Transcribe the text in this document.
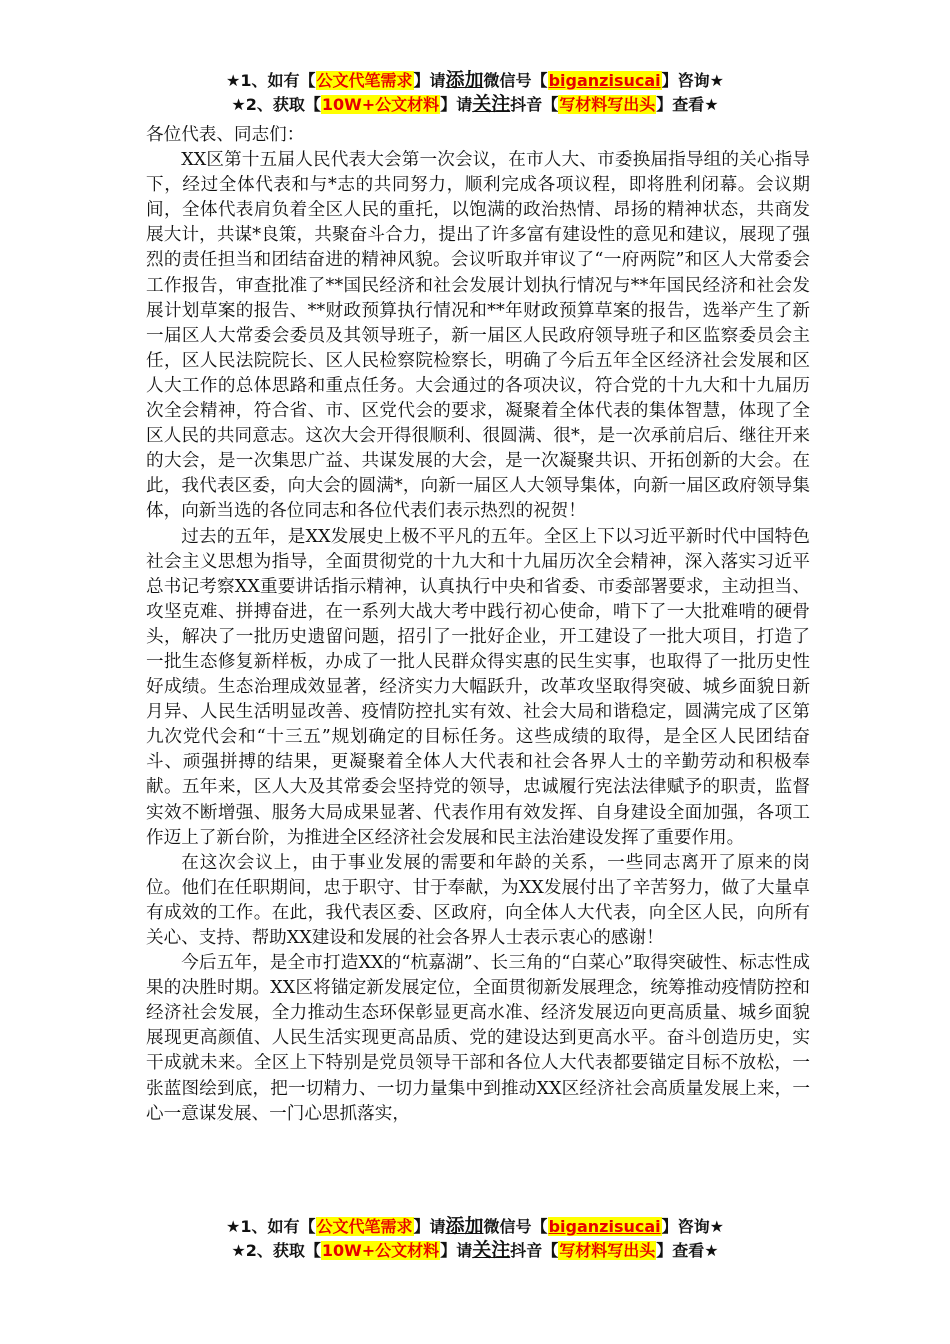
★1、如有【公文代笔需求】请添加微信号【biganzisucai】咨询★
★2、获取【10W+公文材料】请关注抖音【写材料写出头】查看★

各位代表、同志们：

XX区第十五届人民代表大会第一次会议，在市人大、市委换届指导组的关心指导下，经过全体代表和与*志的共同努力，顺利完成各项议程，即将胜利闭幕。会议期间，全体代表肩负着全区人民的重托，以饱满的政治热情、昂扬的精神状态，共商发展大计，共谋*良策，共聚奋斗合力，提出了许多富有建设性的意见和建议，展现了强烈的责任担当和团结奋进的精神风貌。会议听取并审议了“一府两院”和区人大常委会工作报告，审查批准了**国民经济和社会发展计划执行情况与**年国民经济和社会发展计划草案的报告、**财政预算执行情况和**年财政预算草案的报告，选举产生了新一届区人大常委会委员及其领导班子，新一届区人民政府领导班子和区监察委员会主任，区人民法院院长、区人民检察院检察长，明确了今后五年全区经济社会发展和区人大工作的总体思路和重点任务。大会通过的各项决议，符合党的十九大和十九届历次全会精神，符合省、市、区党代会的要求，凝聚着全体代表的集体智慧，体现了全区人民的共同意志。这次大会开得很顺利、很圆满、很*，是一次承前启后、继往开来的大会，是一次集思广益、共谋发展的大会，是一次凝聚共识、开拓创新的大会。在此，我代表区委，向大会的圆满*，向新一届区人大领导集体，向新一届区政府领导集体，向新当选的各位同志和各位代表们表示热烈的祝贺！

过去的五年，是XX发展史上极不平凡的五年。全区上下以习近平新时代中国特色社会主义思想为指导，全面贯彻党的十九大和十九届历次全会精神，深入落实习近平总书记考察XX重要讲话指示精神，认真执行中央和省委、市委部署要求，主动担当、攻坚克难、拼搏奋进，在一系列大战大考中践行初心使命，啃下了一大批难啃的硬骨头，解决了一批历史遗留问题，招引了一批好企业，开工建设了一批大项目，打造了一批生态修复新样板，办成了一批人民群众得实惠的民生实事，也取得了一批历史性好成绩。生态治理成效显著，经济实力大幅跃升，改革攻坚取得突破、城乡面貌日新月异、人民生活明显改善、疫情防控扎实有效、社会大局和谐稳定，圆满完成了区第九次党代会和“十三五”规划确定的目标任务。这些成绩的取得，是全区人民团结奋斗、顽强拼搏的结果，更凝聚着全体人大代表和社会各界人士的辛勤劳动和积极奉献。五年来，区人大及其常委会坚持党的领导，忠诚履行宪法法律赋予的职责，监督实效不断增强、服务大局成果显著、代表作用有效发挥、自身建设全面加强，各项工作迈上了新台阶，为推进全区经济社会发展和民主法治建设发挥了重要作用。

在这次会议上，由于事业发展的需要和年龄的关系，一些同志离开了原来的岗位。他们在任职期间，忠于职守、甘于奉献，为XX发展付出了辛苦努力，做了大量卓有成效的工作。在此，我代表区委、区政府，向全体人大代表，向全区人民，向所有关心、支持、帮助XX建设和发展的社会各界人士表示衷心的感谢！

今后五年，是全市打造XX的“杭嘉湖”、长三角的“白菜心”取得突破性、标志性成果的决胜时期。XX区将锚定新发展定位，全面贯彻新发展理念，统筹推动疫情防控和经济社会发展，全力推动生态环保彰显更高水准、经济发展迈向更高质量、城乡面貌展现更高颜值、人民生活实现更高品质、党的建设达到更高水平。奋斗创造历史，实干成就未来。全区上下特别是党员领导干部和各位人大代表都要锚定目标不放松，一张蓝图绘到底，把一切精力、一切力量集中到推动XX区经济社会高质量发展上来，一心一意谋发展、一门心思抓落实，

★1、如有【公文代笔需求】请添加微信号【biganzisucai】咨询★
★2、获取【10W+公文材料】请关注抖音【写材料写出头】查看★
